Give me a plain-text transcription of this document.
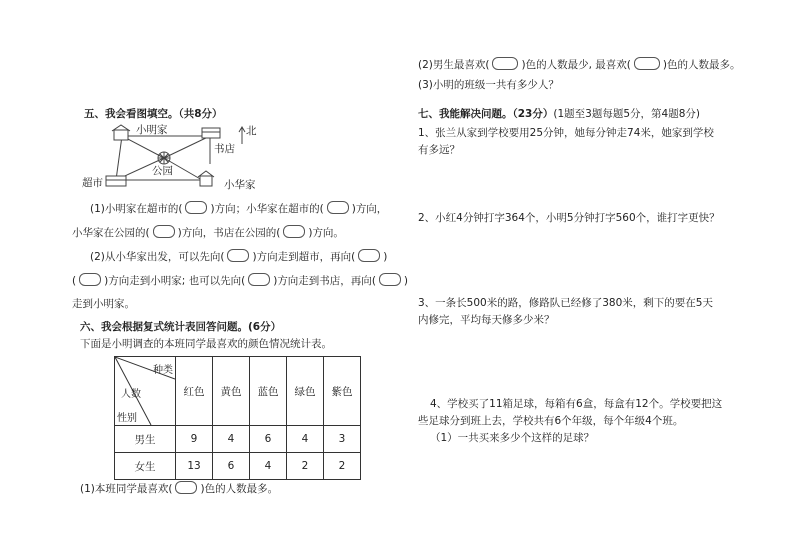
五、我会看图填空。（共8分）
小明家	北
书店
公园
超市	小华家
(1)小明家在超市的(	)方向；小华家在超市的(	)方向，
小华家在公园的(	)方向，书店在公园的(	)方向。
(2)从小华家出发，可以先向(	)方向走到超市，再向(	)
(	)方向走到小明家; 也可以先向(	)方向走到书店，再向(	)
走到小明家。
六、我会根据复式统计表回答问题。(6分）
下面是小明调查的本班同学最喜欢的颜色情况统计表。
种类
人数
性别	红色	黄色	蓝色	绿色	紫色
男生	9	4	6	4	3
女生	13	6	4	2	2
(1)本班同学最喜欢(	)色的人数最多。
(2)男生最喜欢(	)色的人数最少, 最喜欢(	)色的人数最多。
(3)小明的班级一共有多少人？
七、我能解决问题。（23分）(1题至3题每题5分，第4题8分)
1、张兰从家到学校要用25分钟，她每分钟走74米，她家到学校
有多远？
2、小红4分钟打字364个，小明5分钟打字560个，谁打字更快？
3、一条长500米的路，修路队已经修了380米，剩下的要在5天
内修完，平均每天修多少米？
4、学校买了11箱足球，每箱有6盒，每盒有12个。学校要把这
些足球分到班上去，学校共有6个年级，每个年级4个班。
（1）一共买来多少个这样的足球？
